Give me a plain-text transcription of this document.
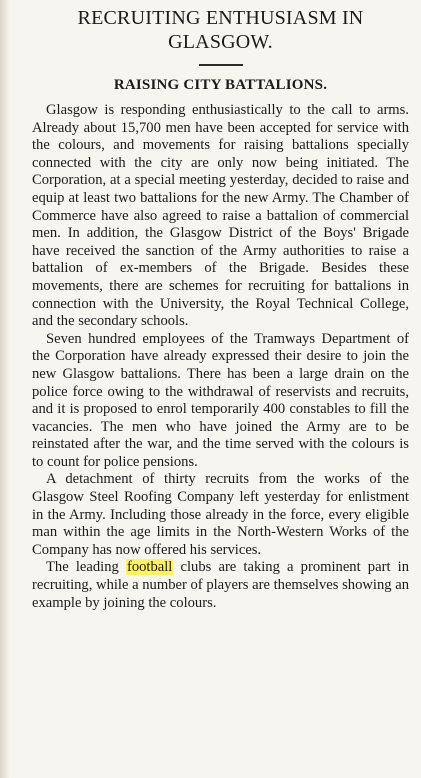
RECRUITING ENTHUSIASM IN
GLASGOW.
RAISING CITY BATTALIONS.

Glasgow is responding enthusiastically to the call to arms. Already about 15,700 men have been accepted for service with the colours, and movements for raising battalions specially connected with the city are only now being initiated. The Corporation, at a special meeting yesterday, decided to raise and equip at least two battalions for the new Army. The Chamber of Commerce have also agreed to raise a battalion of commercial men. In addition, the Glasgow District of the Boys' Brigade have received the sanction of the Army authorities to raise a battalion of ex-members of the Brigade. Besides these movements, there are schemes for recruiting for battalions in connection with the University, the Royal Technical College, and the secondary schools.

Seven hundred employees of the Tramways Department of the Corporation have already expressed their desire to join the new Glasgow battalions. There has been a large drain on the police force owing to the withdrawal of reservists and recruits, and it is proposed to enrol temporarily 400 constables to fill the vacancies. The men who have joined the Army are to be reinstated after the war, and the time served with the colours is to count for police pensions.

A detachment of thirty recruits from the works of the Glasgow Steel Roofing Company left yesterday for enlistment in the Army. Including those already in the force, every eligible man within the age limits in the North-Western Works of the Company has now offered his services.

The leading football clubs are taking a prominent part in recruiting, while a number of players are themselves showing an example by joining the colours.
